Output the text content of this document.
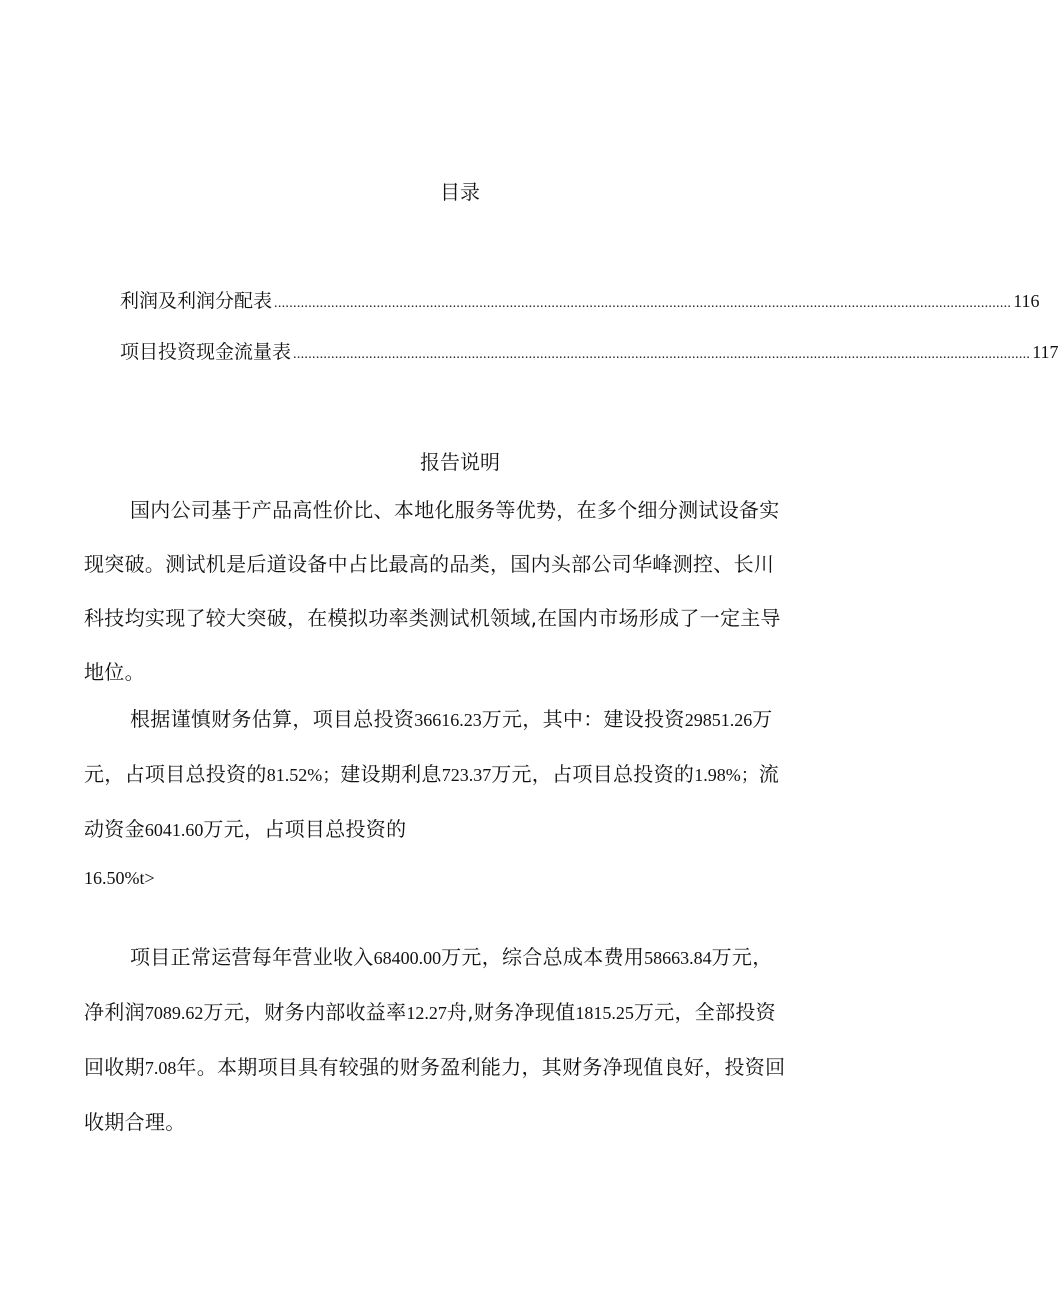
目录
利润及利润分配表 .................................................................................................................................................................................................. 116
项目投资现金流量表 .................................................................................................................................................................................................. 117
报告说明
国内公司基于产品高性价比、本地化服务等优势，在多个细分测试设备实
现突破。测试机是后道设备中占比最高的品类，国内头部公司华峰测控、长川
科技均实现了较大突破，在模拟功率类测试机领域,在国内市场形成了一定主导
地位。
根据谨慎财务估算，项目总投资36616.23万元，其中：建设投资29851.26万
元，占项目总投资的81.52%；建设期利息723.37万元，占项目总投资的1.98%；流
动资金6041.60万元，占项目总投资的
16.50%t>
项目正常运营每年营业收入68400.00万元，综合总成本费用58663.84万元，
净利润7089.62万元，财务内部收益率12.27舟,财务净现值1815.25万元，全部投资
回收期7.08年。本期项目具有较强的财务盈利能力，其财务净现值良好，投资回
收期合理。
